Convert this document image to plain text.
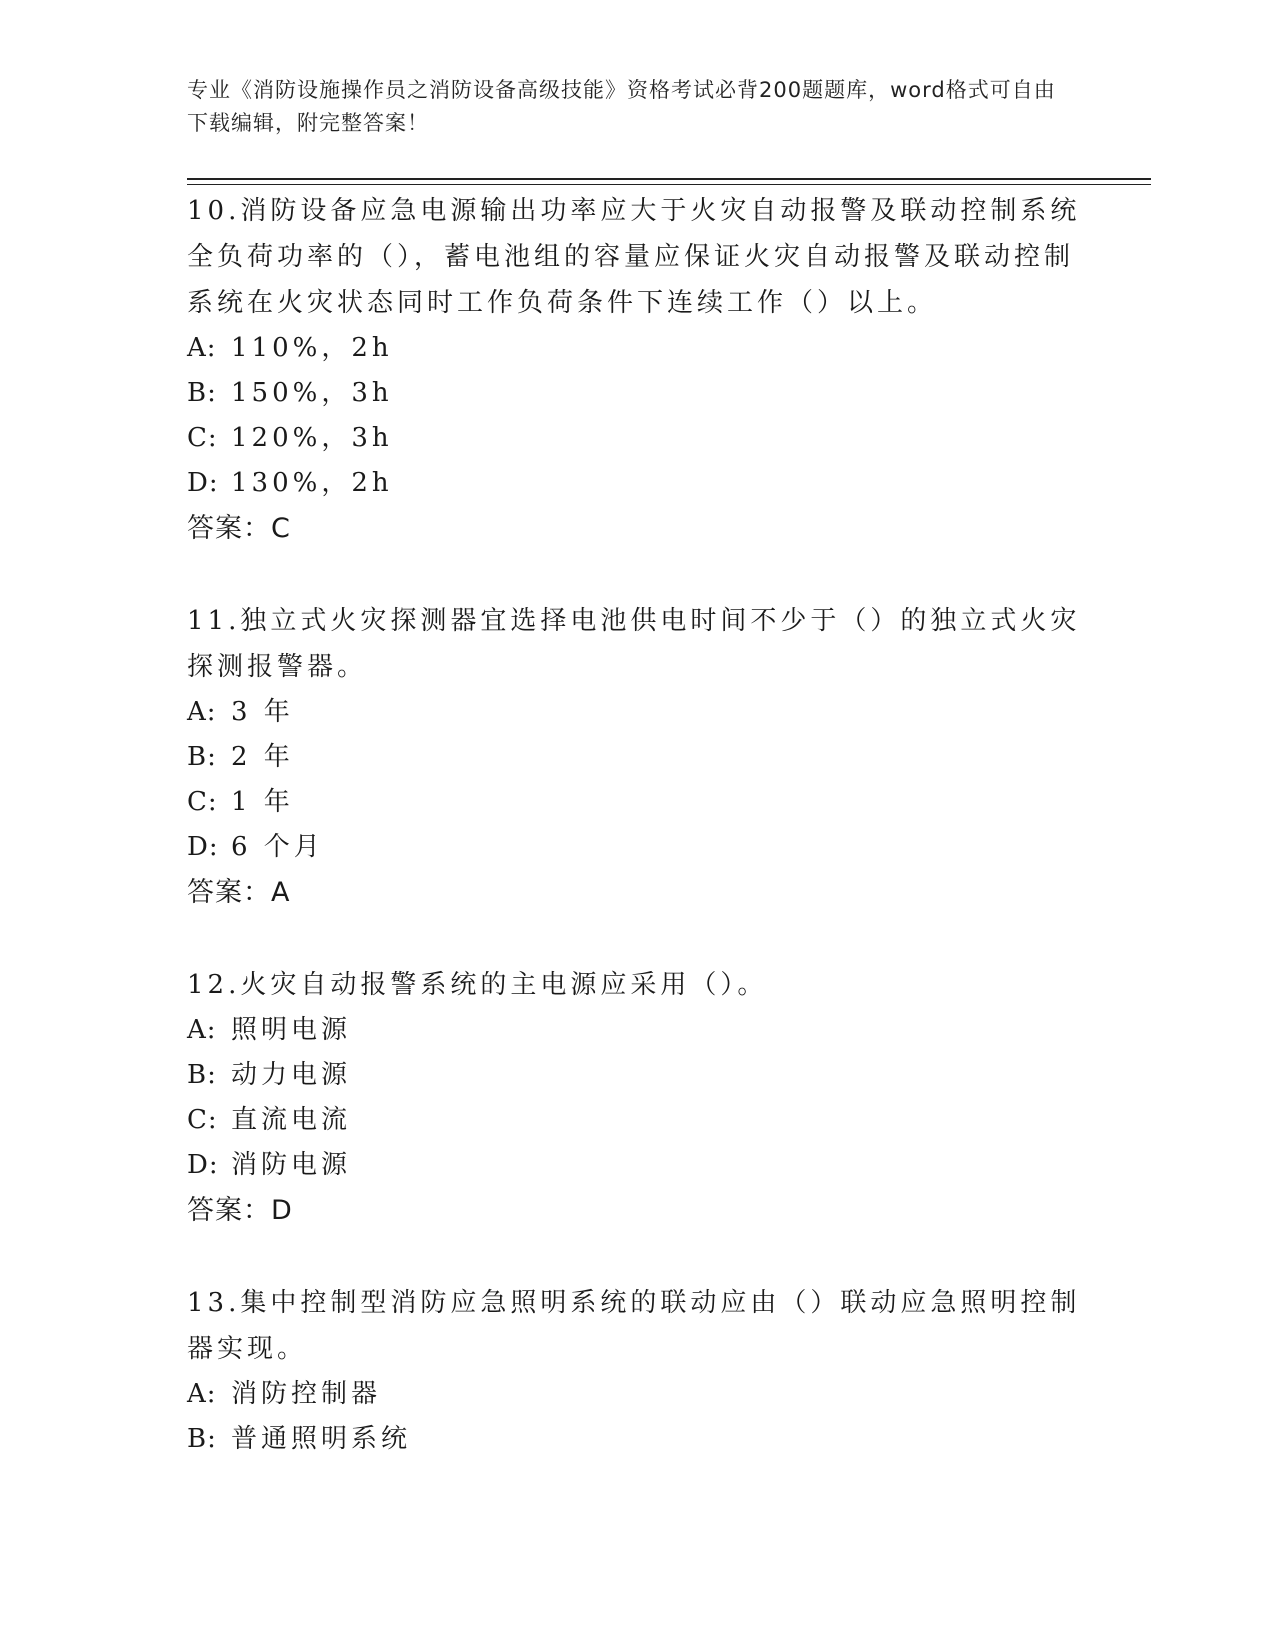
专业《消防设施操作员之消防设备高级技能》资格考试必背200题题库，word格式可自由下载编辑，附完整答案！

10.消防设备应急电源输出功率应大于火灾自动报警及联动控制系统全负荷功率的（），蓄电池组的容量应保证火灾自动报警及联动控制系统在火灾状态同时工作负荷条件下连续工作（）以上。

A: 110%，2h

B: 150%，3h

C: 120%，3h

D: 130%，2h

答案：C

11.独立式火灾探测器宜选择电池供电时间不少于（）的独立式火灾探测报警器。

A: 3 年

B: 2 年

C: 1 年

D: 6 个月

答案：A

12.火灾自动报警系统的主电源应采用（）。

A: 照明电源

B: 动力电源

C: 直流电流

D: 消防电源

答案：D

13.集中控制型消防应急照明系统的联动应由（）联动应急照明控制器实现。

A: 消防控制器

B: 普通照明系统
